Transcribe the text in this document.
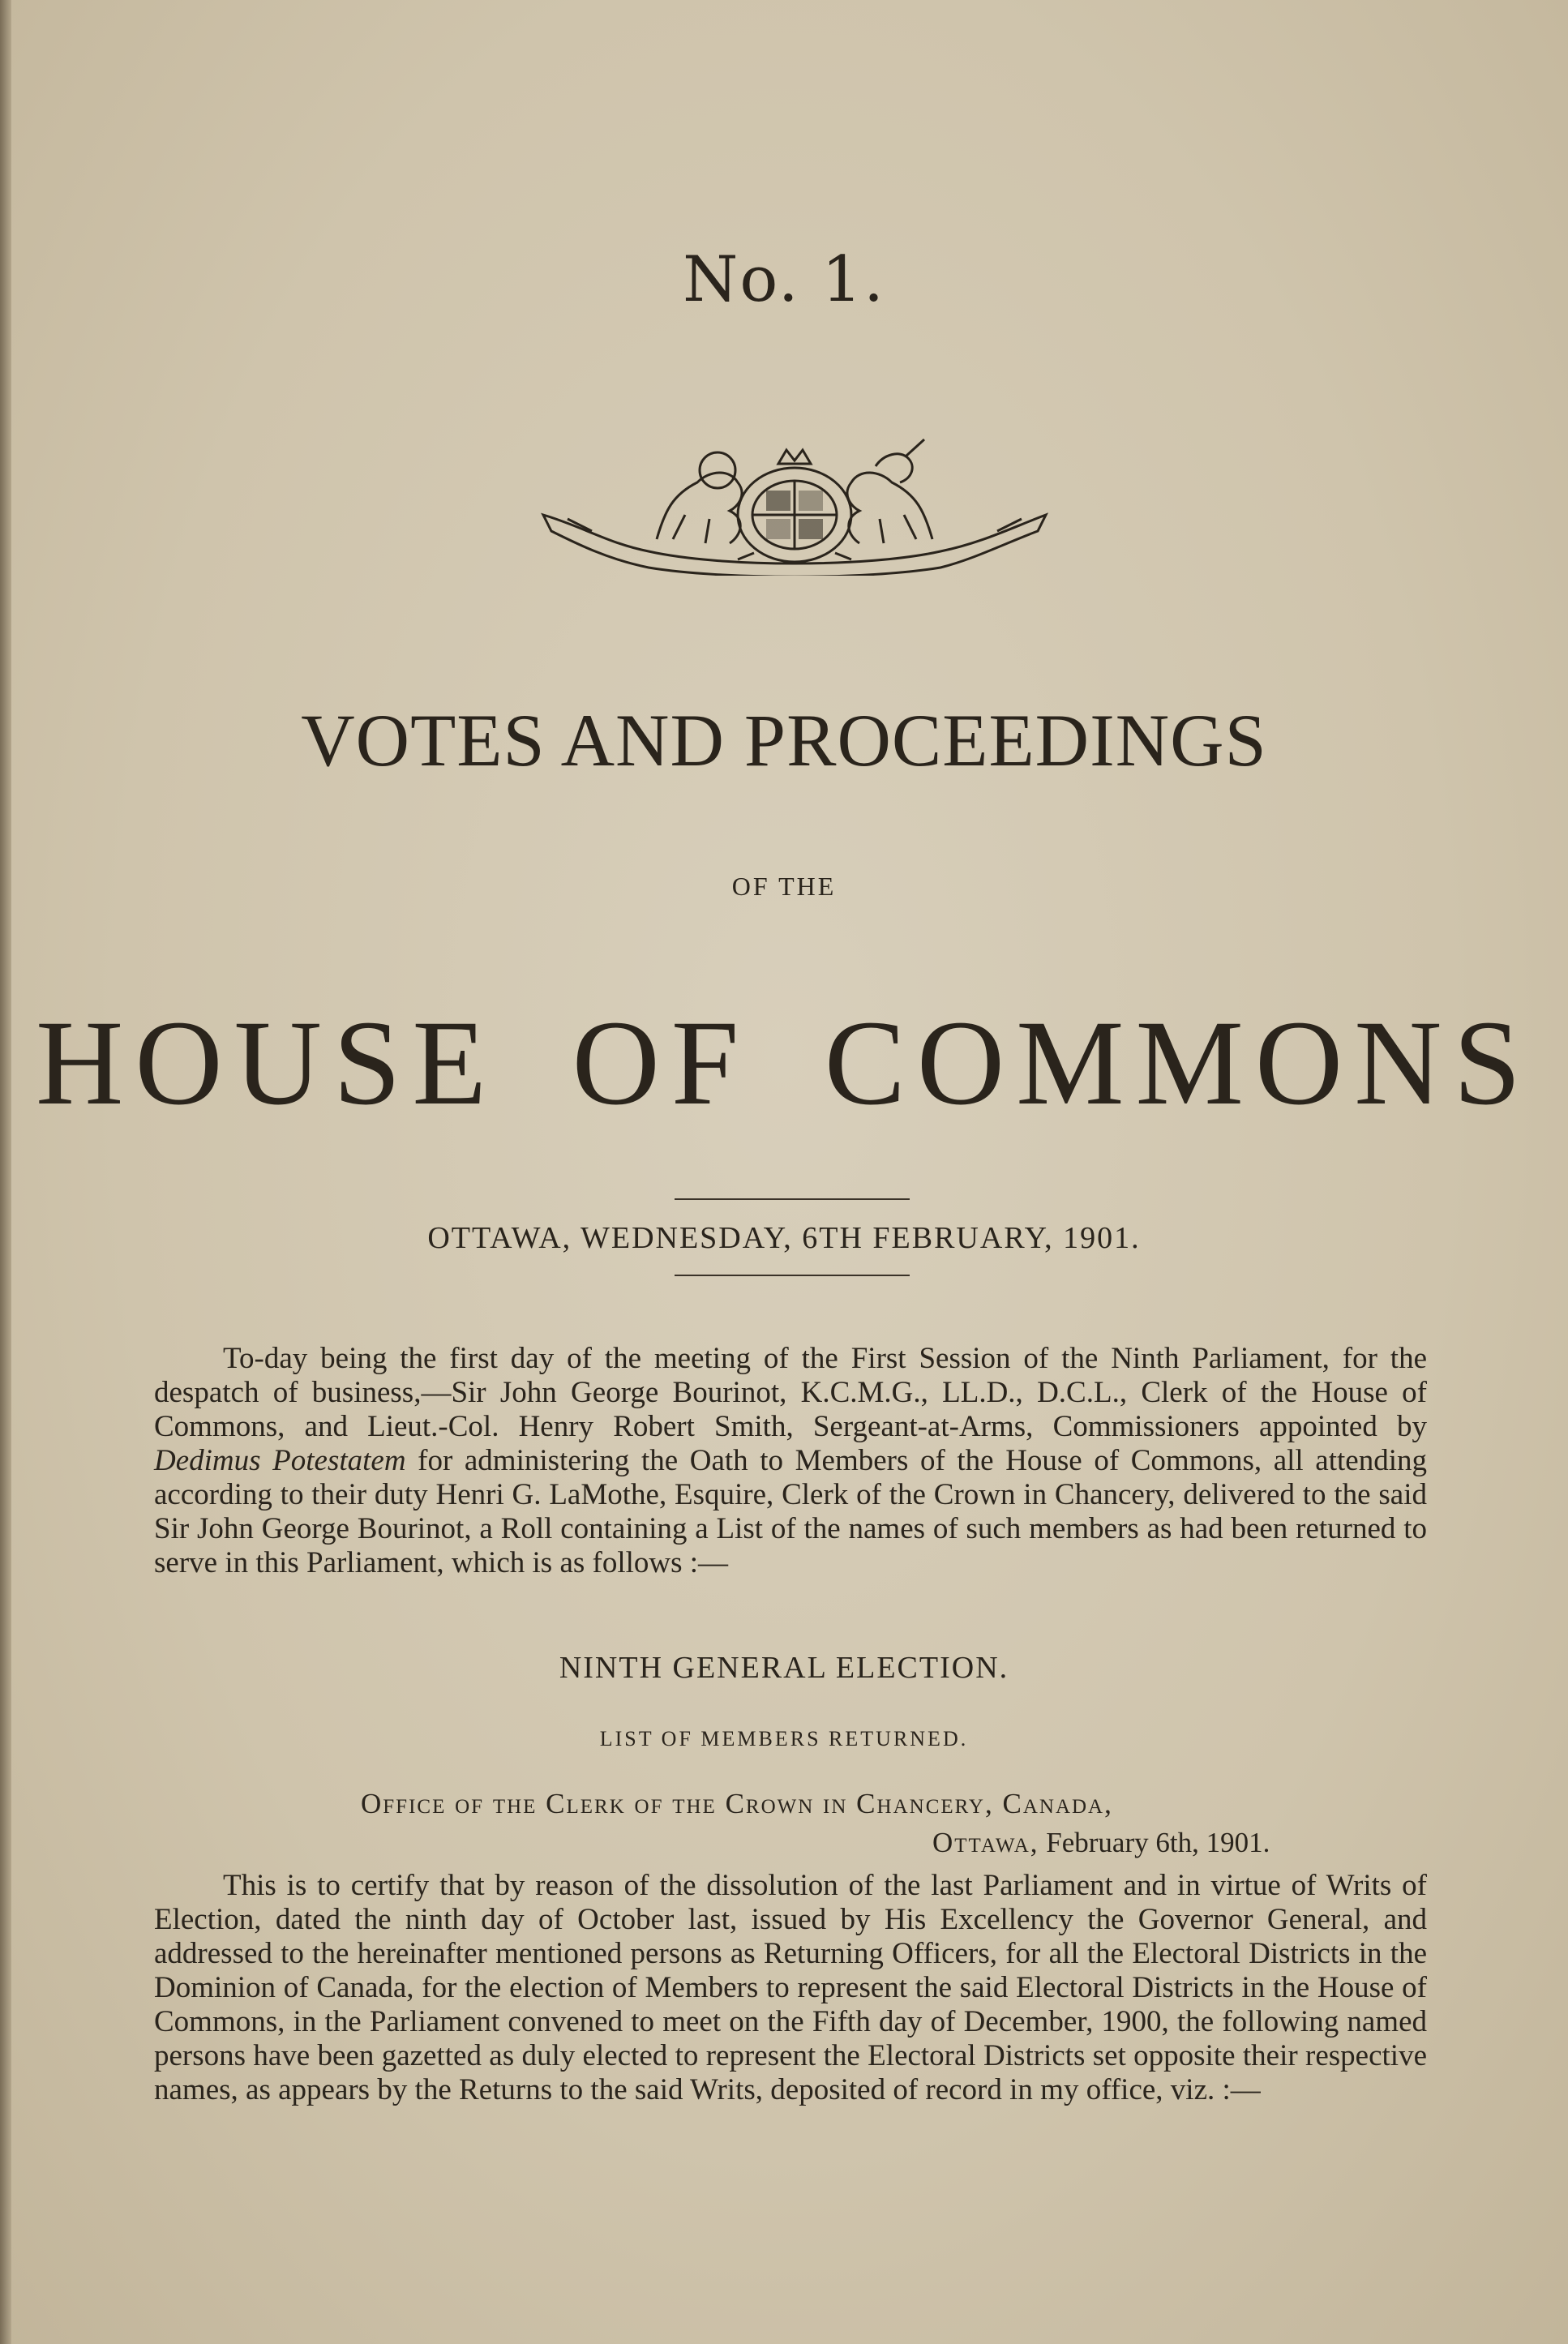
No. 1.
VOTES AND PROCEEDINGS
OF THE
HOUSE OF COMMONS
OTTAWA, WEDNESDAY, 6TH FEBRUARY, 1901.
To-day being the first day of the meeting of the First Session of the Ninth Parliament, for the despatch of business,—Sir John George Bourinot, K.C.M.G., LL.D., D.C.L., Clerk of the House of Commons, and Lieut.-Col. Henry Robert Smith, Sergeant-at-Arms, Commissioners appointed by Dedimus Potestatem for administering the Oath to Members of the House of Commons, all attending according to their duty Henri G. LaMothe, Esquire, Clerk of the Crown in Chancery, delivered to the said Sir John George Bourinot, a Roll containing a List of the names of such members as had been returned to serve in this Parliament, which is as follows :—
NINTH GENERAL ELECTION.
LIST OF MEMBERS RETURNED.
Office of the Clerk of the Crown in Chancery, Canada,
Ottawa, February 6th, 1901.
This is to certify that by reason of the dissolution of the last Parliament and in virtue of Writs of Election, dated the ninth day of October last, issued by His Excellency the Governor General, and addressed to the hereinafter mentioned persons as Returning Officers, for all the Electoral Districts in the Dominion of Canada, for the election of Members to represent the said Electoral Districts in the House of Commons, in the Parliament convened to meet on the Fifth day of December, 1900, the following named persons have been gazetted as duly elected to represent the Electoral Districts set opposite their respective names, as appears by the Returns to the said Writs, deposited of record in my office, viz. :—
